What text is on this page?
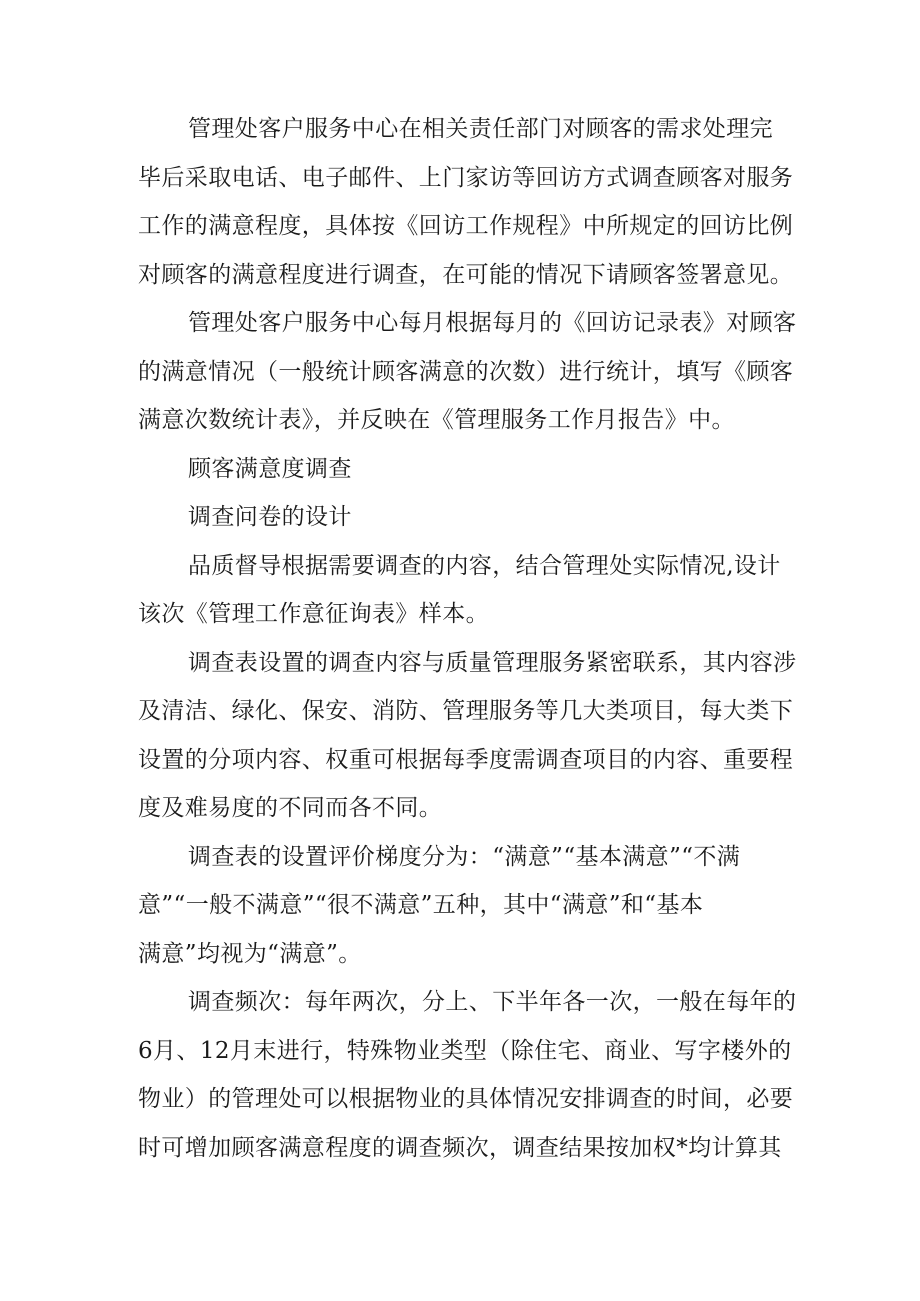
管理处客户服务中心在相关责任部门对顾客的需求处理完
毕后采取电话、电子邮件、上门家访等回访方式调查顾客对服务
工作的满意程度，具体按《回访工作规程》中所规定的回访比例
对顾客的满意程度进行调查，在可能的情况下请顾客签署意见。
管理处客户服务中心每月根据每月的《回访记录表》对顾客
的满意情况（一般统计顾客满意的次数）进行统计，填写《顾客
满意次数统计表》，并反映在《管理服务工作月报告》中。
顾客满意度调查
调查问卷的设计
品质督导根据需要调查的内容，结合管理处实际情况,设计
该次《管理工作意征询表》样本。
调查表设置的调查内容与质量管理服务紧密联系，其内容涉
及清洁、绿化、保安、消防、管理服务等几大类项目，每大类下
设置的分项内容、权重可根据每季度需调查项目的内容、重要程
度及难易度的不同而各不同。
调查表的设置评价梯度分为：“满意”“基本满意”“不满
意”“一般不满意”“很不满意”五种，其中“满意”和“基本
满意”均视为“满意”。
调查频次：每年两次，分上、下半年各一次，一般在每年的
6月、12月末进行，特殊物业类型（除住宅、商业、写字楼外的
物业）的管理处可以根据物业的具体情况安排调查的时间，必要
时可增加顾客满意程度的调查频次，调查结果按加权*均计算其
